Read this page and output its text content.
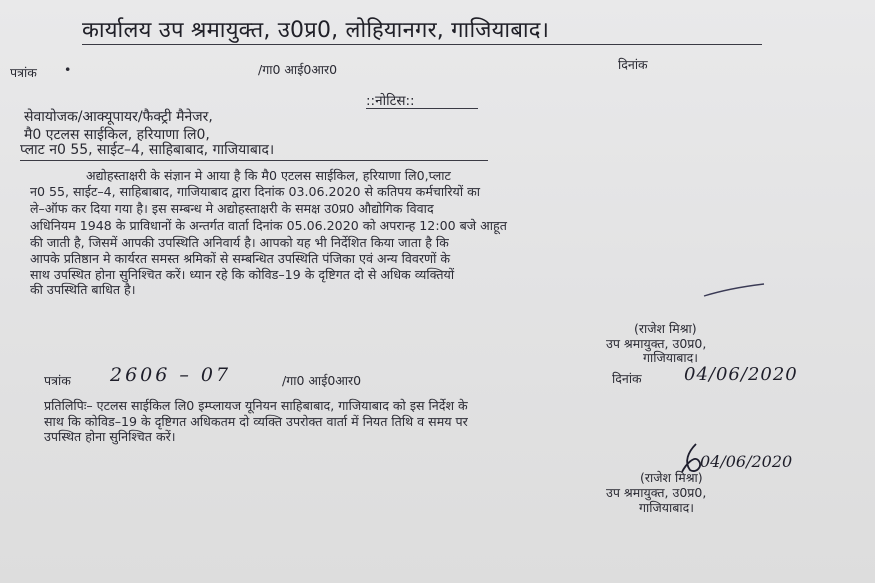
कार्यालय उप श्रमायुक्त, उ0प्र0, लोहियानगर, गाजियाबाद।
पत्रांक •	/गा0 आई0आर0	दिनांक
::नोटिस::
सेवायोजक/आक्यूपायर/फैक्ट्री मैनेजर,
मै0 एटलस साईकिल, हरियाणा लि0,
प्लाट न0 55, साईट–4, साहिबाबाद, गाजियाबाद।
अद्योहस्ताक्षरी के संज्ञान मे आया है कि मै0 एटलस साईकिल, हरियाणा लि0,प्लाट
न0 55, साईट–4, साहिबाबाद, गाजियाबाद द्वारा दिनांक 03.06.2020 से कतिपय कर्मचारियों का
ले–ऑफ कर दिया गया है। इस सम्बन्ध मे अद्योहस्ताक्षरी के समक्ष उ0प्र0 औद्योगिक विवाद
अधिनियम 1948 के प्राविधानों के अन्तर्गत वार्ता दिनांक 05.06.2020 को अपरान्ह 12:00 बजे आहूत
की जाती है, जिसमें आपकी उपस्थिति अनिवार्य है। आपको यह भी निर्देशित किया जाता है कि
आपके प्रतिष्ठान मे कार्यरत समस्त श्रमिकों से सम्बन्धित उपस्थिति पंजिका एवं अन्य विवरणों के
साथ उपस्थित होना सुनिश्चित करें। ध्यान रहे कि कोविड–19 के दृष्टिगत दो से अधिक व्यक्तियों
की उपस्थिति बाधित है।
(राजेश मिश्रा)
उप श्रमायुक्त, उ0प्र0,
गाजियाबाद।
पत्रांक 2606 – 07	/गा0 आई0आर0	दिनांक 04/06/2020
प्रतिलिपिः– एटलस साईकिल लि0 इम्प्लायज यूनियन साहिबाबाद, गाजियाबाद को इस निर्देश के
साथ कि कोविड–19 के दृष्टिगत अधिकतम दो व्यक्ति उपरोक्त वार्ता में नियत तिथि व समय पर
उपस्थित होना सुनिश्चित करें।
04/06/2020
(राजेश मिश्रा)
उप श्रमायुक्त, उ0प्र0,
गाजियाबाद।
